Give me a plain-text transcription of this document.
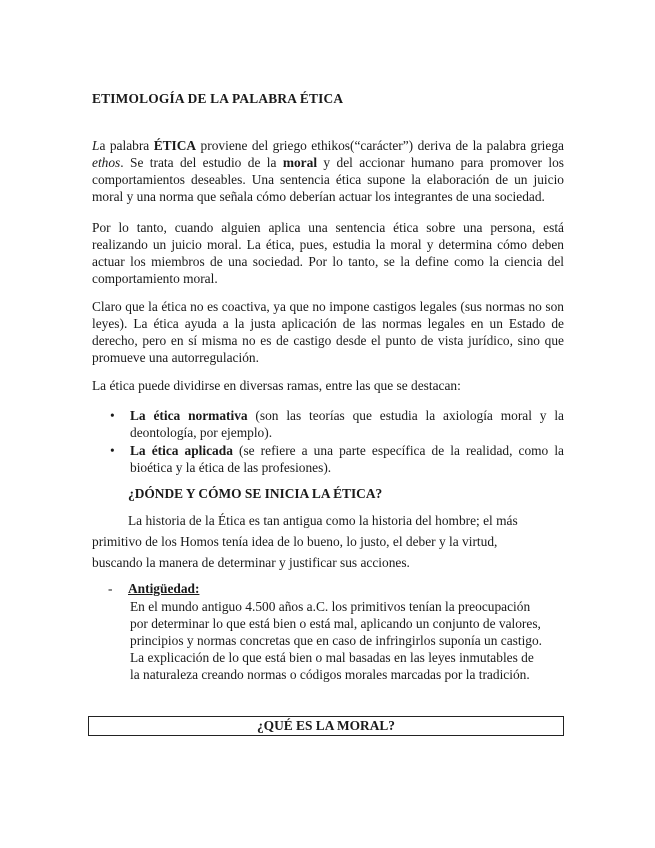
ETIMOLOGÍA DE LA PALABRA ÉTICA
La palabra ÉTICA proviene del griego ethikos(“carácter”) deriva de la palabra griega ethos. Se trata del estudio de la moral y del accionar humano para promover los comportamientos deseables. Una sentencia ética supone la elaboración de un juicio moral y una norma que señala cómo deberían actuar los integrantes de una sociedad.
Por lo tanto, cuando alguien aplica una sentencia ética sobre una persona, está realizando un juicio moral. La ética, pues, estudia la moral y determina cómo deben actuar los miembros de una sociedad. Por lo tanto, se la define como la ciencia del comportamiento moral.
Claro que la ética no es coactiva, ya que no impone castigos legales (sus normas no son leyes). La ética ayuda a la justa aplicación de las normas legales en un Estado de derecho, pero en sí misma no es de castigo desde el punto de vista jurídico, sino que promueve una autorregulación.
La ética puede dividirse en diversas ramas, entre las que se destacan:
• La ética normativa (son las teorías que estudia la axiología moral y la deontología, por ejemplo).
• La ética aplicada (se refiere a una parte específica de la realidad, como la bioética y la ética de las profesiones).
¿DÓNDE Y CÓMO SE INICIA LA ÉTICA?
La historia de la Ética es tan antigua como la historia del hombre; el más
primitivo de los Homos tenía idea de lo bueno, lo justo, el deber y la virtud,
buscando la manera de determinar y justificar sus acciones.
- Antigüedad:
En el mundo antiguo 4.500 años a.C. los primitivos tenían la preocupación
por determinar lo que está bien o está mal, aplicando un conjunto de valores,
principios y normas concretas que en caso de infringirlos suponía un castigo.
La explicación de lo que está bien o mal basadas en las leyes inmutables de
la naturaleza creando normas o códigos morales marcadas por la tradición.
¿QUÉ ES LA MORAL?
